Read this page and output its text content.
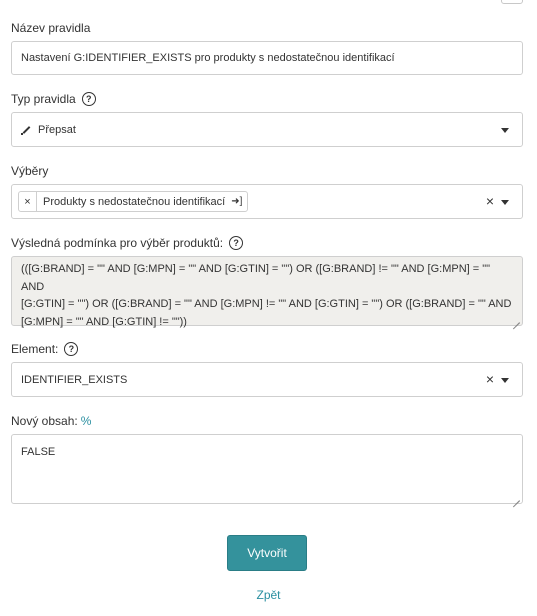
Název pravidla
Nastavení G:IDENTIFIER_EXISTS pro produkty s nedostatečnou identifikací
Typ pravidla	?
Přepsat
Výběry
×	Produkty s nedostatečnou identifikací ➜]	×
Výsledná podmínka pro výběr produktů:	?
(([G:BRAND] = "" AND [G:MPN] = "" AND [G:GTIN] = "") OR ([G:BRAND] != "" AND [G:MPN] = "" AND
[G:GTIN] = "") OR ([G:BRAND] = "" AND [G:MPN] != "" AND [G:GTIN] = "") OR ([G:BRAND] = "" AND
[G:MPN] = "" AND [G:GTIN] != ""))
Element:	?
IDENTIFIER_EXISTS	×
Nový obsah: %
FALSE
Vytvořit
Zpět
